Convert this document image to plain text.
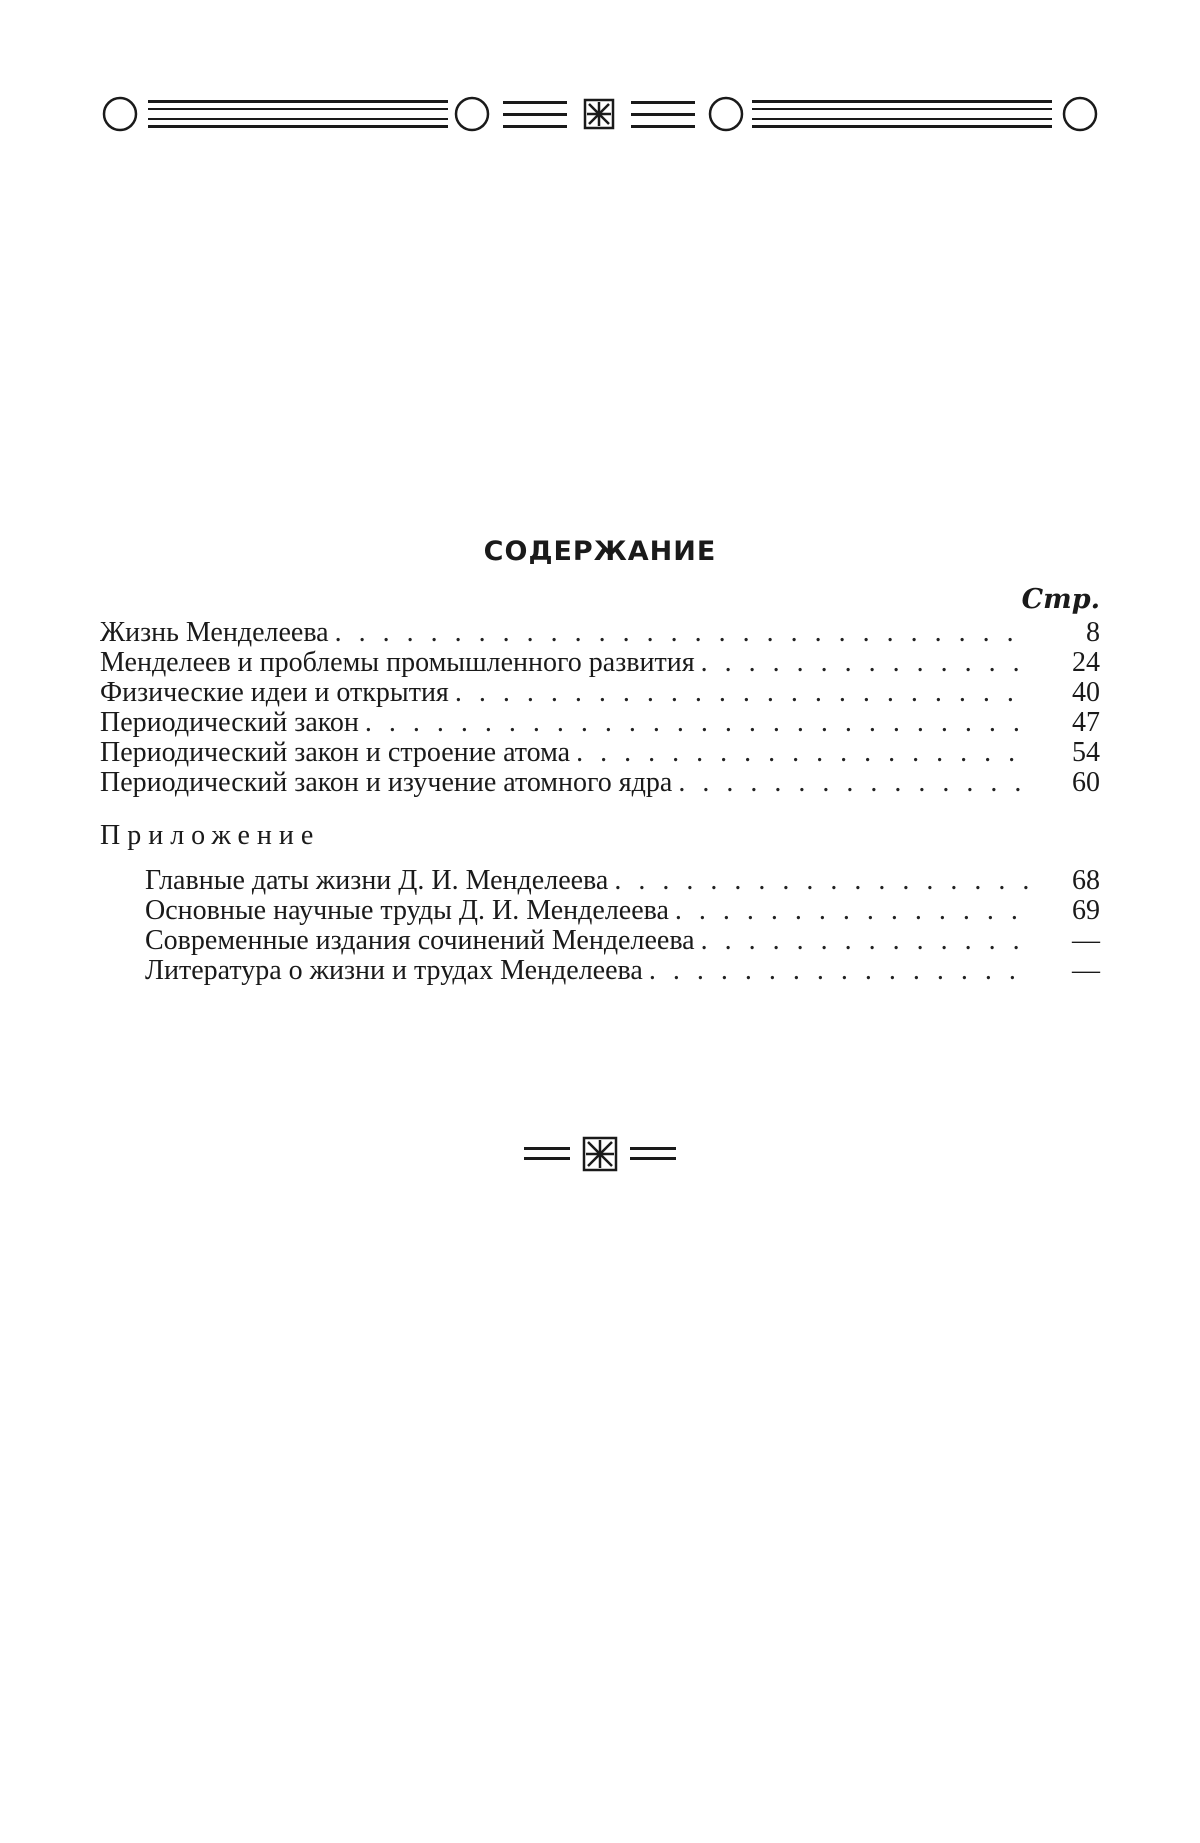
СОДЕРЖАНИЕ
Стр.
Жизнь Менделеева . . .	8
Менделеев и проблемы промышленного развития . . .	24
Физические идеи и открытия . . .	40
Периодический закон . . .	47
Периодический закон и строение атома . . .	54
Периодический закон и изучение атомного ядра . . .	60
Приложение
Главные даты жизни Д. И. Менделеева . . .	68
Основные научные труды Д. И. Менделеева . . .	69
Современные издания сочинений Менделеева . . .	—
Литература о жизни и трудах Менделеева . . .	—
